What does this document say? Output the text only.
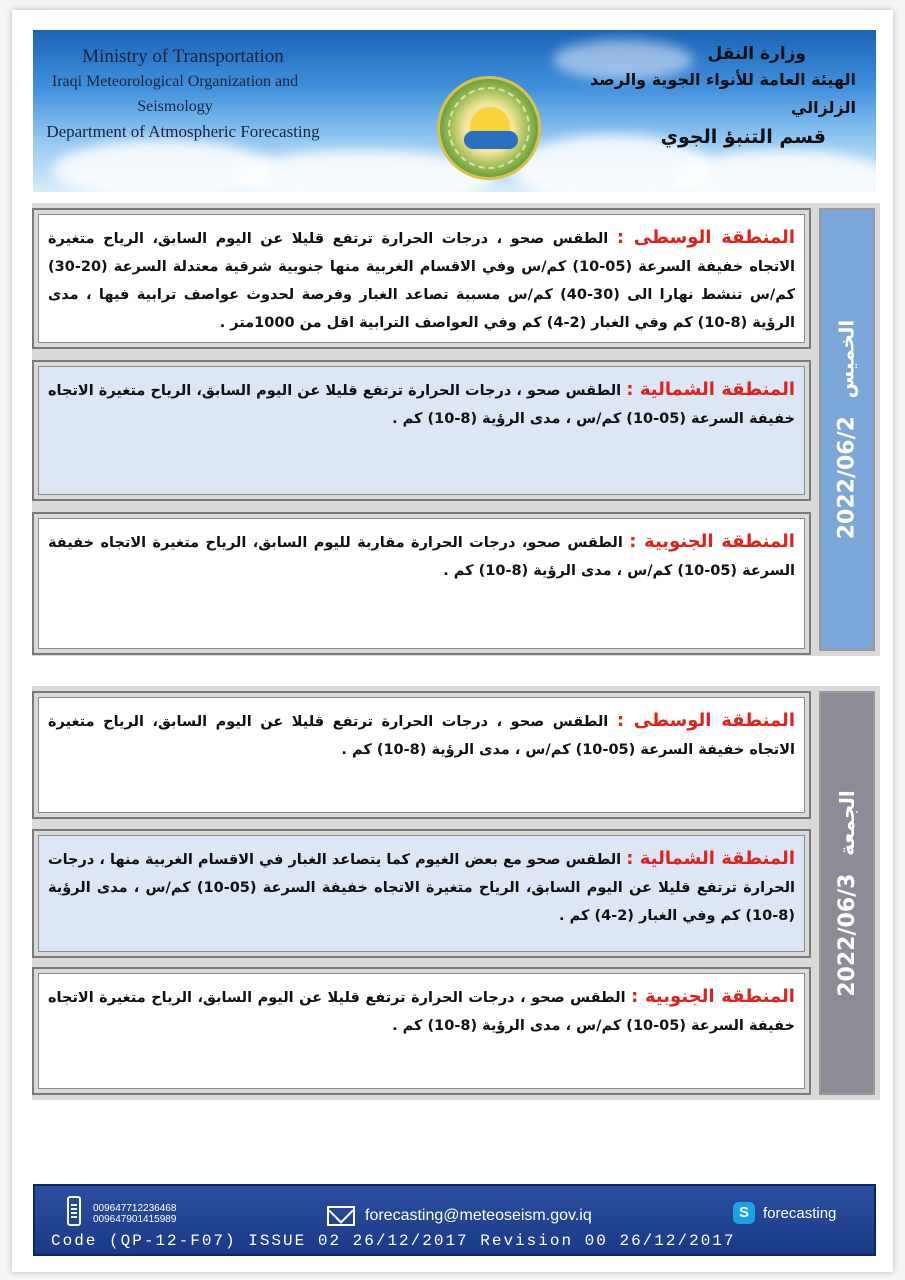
Ministry of Transportation
Iraqi Meteorological Organization and Seismology
Department of Atmospheric Forecasting
وزارة النقل
الهيئة العامة للأنواء الجوية والرصد الزلزالي
قسم التنبؤ الجوي
المنطقة الوسطى : الطقس صحو ، درجات الحرارة ترتفع قليلا عن اليوم السابق، الرياح متغيرة الاتجاه خفيفة السرعة (05-10) كم/س وفي الاقسام الغربية منها جنوبية شرقية معتدلة السرعة (20-30) كم/س تنشط نهارا الى (30-40) كم/س مسببة تصاعد الغبار وفرصة لحدوث عواصف ترابية فيها ، مدى الرؤية (8-10) كم وفي الغبار (2-4) كم وفي العواصف الترابية اقل من 1000متر .
المنطقة الشمالية : الطقس صحو ، درجات الحرارة ترتفع قليلا عن اليوم السابق، الرياح متغيرة الاتجاه خفيفة السرعة (05-10) كم/س ، مدى الرؤية (8-10) كم .
المنطقة الجنوبية : الطقس صحو، درجات الحرارة مقاربة لليوم السابق، الرياح متغيرة الاتجاه خفيفة السرعة (05-10) كم/س ، مدى الرؤية (8-10) كم .
2022/06/2 الخميس
المنطقة الوسطى : الطقس صحو ، درجات الحرارة ترتفع قليلا عن اليوم السابق، الرياح متغيرة الاتجاه خفيفة السرعة (05-10) كم/س ، مدى الرؤية (8-10) كم .
المنطقة الشمالية : الطقس صحو مع بعض الغيوم كما يتصاعد الغبار في الاقسام الغربية منها ، درجات الحرارة ترتفع قليلا عن اليوم السابق، الرياح متغيرة الاتجاه خفيفة السرعة (05-10) كم/س ، مدى الرؤية (8-10) كم وفي الغبار (2-4) كم .
المنطقة الجنوبية : الطقس صحو ، درجات الحرارة ترتفع قليلا عن اليوم السابق، الرياح متغيرة الاتجاه خفيفة السرعة (05-10) كم/س ، مدى الرؤية (8-10) كم .
2022/06/3 الجمعة
009647712236468
009647901415989	forecasting@meteoseism.gov.iq	S forecasting
Code (QP-12-F07) ISSUE 02 26/12/2017 Revision 00 26/12/2017
